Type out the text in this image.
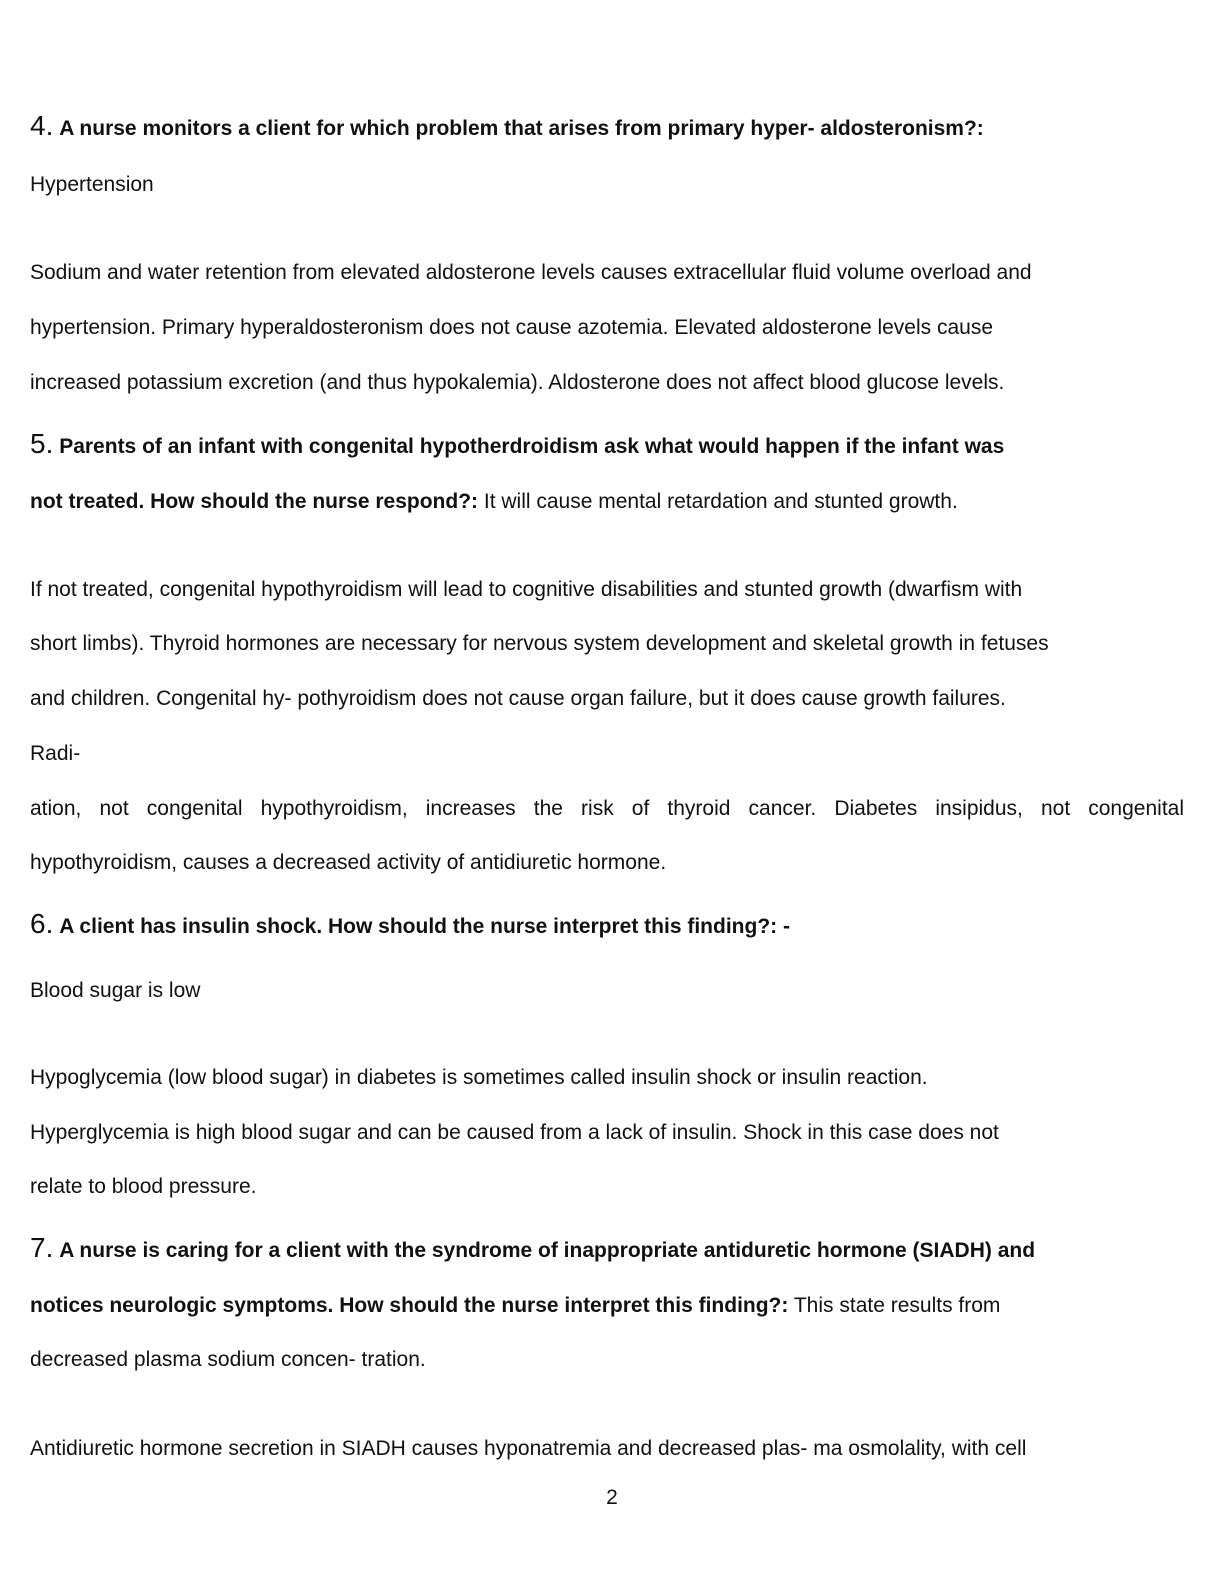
4. A nurse monitors a client for which problem that arises from primary hyper- aldosteronism?:
Hypertension
Sodium and water retention from elevated aldosterone levels causes extracellular fluid volume overload and
hypertension. Primary hyperaldosteronism does not cause azotemia. Elevated aldosterone levels cause
increased potassium excretion (and thus hypokalemia). Aldosterone does not affect blood glucose levels.
5. Parents of an infant with congenital hypotherdroidism ask what would happen if the infant was
not treated. How should the nurse respond?: It will cause mental retardation and stunted growth.
If not treated, congenital hypothyroidism will lead to cognitive disabilities and stunted growth (dwarfism with
short limbs). Thyroid hormones are necessary for nervous system development and skeletal growth in fetuses
and children. Congenital hy- pothyroidism does not cause organ failure, but it does cause growth failures.
Radi-
ation, not congenital hypothyroidism, increases the risk of thyroid cancer. Diabetes insipidus, not congenital
hypothyroidism, causes a decreased activity of antidiuretic hormone.
6. A client has insulin shock. How should the nurse interpret this finding?: -
Blood sugar is low
Hypoglycemia (low blood sugar) in diabetes is sometimes called insulin shock or insulin reaction.
Hyperglycemia is high blood sugar and can be caused from a lack of insulin. Shock in this case does not
relate to blood pressure.
7. A nurse is caring for a client with the syndrome of inappropriate antiduretic hormone (SIADH) and
notices neurologic symptoms. How should the nurse interpret this finding?: This state results from
decreased plasma sodium concen- tration.
Antidiuretic hormone secretion in SIADH causes hyponatremia and decreased plas- ma osmolality, with cell
2
